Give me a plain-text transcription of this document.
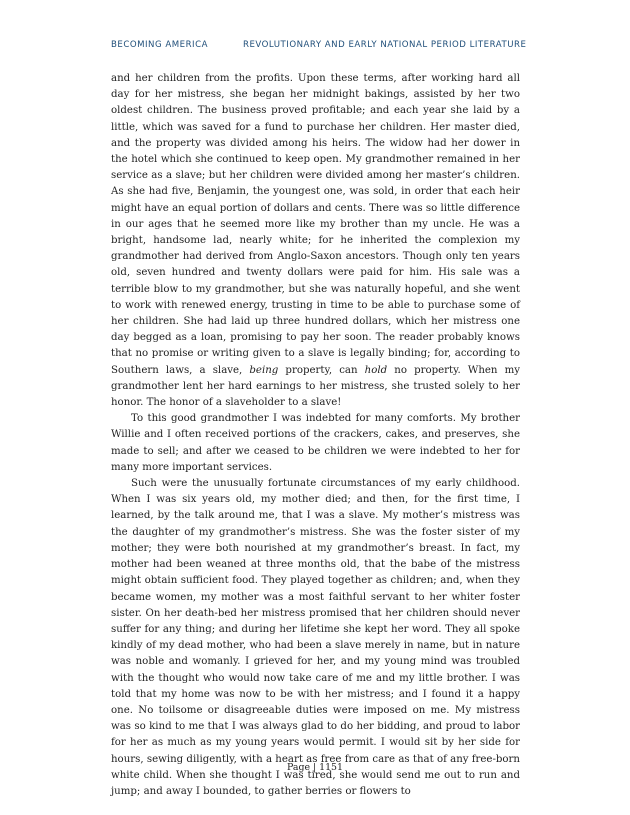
BECOMING AMERICA	REVOLUTIONARY AND EARLY NATIONAL PERIOD LITERATURE

and her children from the profits. Upon these terms, after working hard all day for her mistress, she began her midnight bakings, assisted by her two oldest children. The business proved profitable; and each year she laid by a little, which was saved for a fund to purchase her children. Her master died, and the property was divided among his heirs. The widow had her dower in the hotel which she continued to keep open. My grandmother remained in her service as a slave; but her children were divided among her master’s children. As she had five, Benjamin, the youngest one, was sold, in order that each heir might have an equal portion of dollars and cents. There was so little difference in our ages that he seemed more like my brother than my uncle. He was a bright, handsome lad, nearly white; for he inherited the complexion my grandmother had derived from Anglo-Saxon ancestors. Though only ten years old, seven hundred and twenty dollars were paid for him. His sale was a terrible blow to my grandmother, but she was naturally hopeful, and she went to work with renewed energy, trusting in time to be able to purchase some of her children. She had laid up three hundred dollars, which her mistress one day begged as a loan, promising to pay her soon. The reader probably knows that no promise or writing given to a slave is legally binding; for, according to Southern laws, a slave, being property, can hold no property. When my grandmother lent her hard earnings to her mistress, she trusted solely to her honor. The honor of a slaveholder to a slave!

To this good grandmother I was indebted for many comforts. My brother Willie and I often received portions of the crackers, cakes, and preserves, she made to sell; and after we ceased to be children we were indebted to her for many more important services.

Such were the unusually fortunate circumstances of my early childhood. When I was six years old, my mother died; and then, for the first time, I learned, by the talk around me, that I was a slave. My mother’s mistress was the daughter of my grandmother’s mistress. She was the foster sister of my mother; they were both nourished at my grandmother’s breast. In fact, my mother had been weaned at three months old, that the babe of the mistress might obtain sufficient food. They played together as children; and, when they became women, my mother was a most faithful servant to her whiter foster sister. On her death-bed her mistress promised that her children should never suffer for any thing; and during her lifetime she kept her word. They all spoke kindly of my dead mother, who had been a slave merely in name, but in nature was noble and womanly. I grieved for her, and my young mind was troubled with the thought who would now take care of me and my little brother. I was told that my home was now to be with her mistress; and I found it a happy one. No toilsome or disagreeable duties were imposed on me. My mistress was so kind to me that I was always glad to do her bidding, and proud to labor for her as much as my young years would permit. I would sit by her side for hours, sewing diligently, with a heart as free from care as that of any free-born white child. When she thought I was tired, she would send me out to run and jump; and away I bounded, to gather berries or flowers to

Page | 1151
